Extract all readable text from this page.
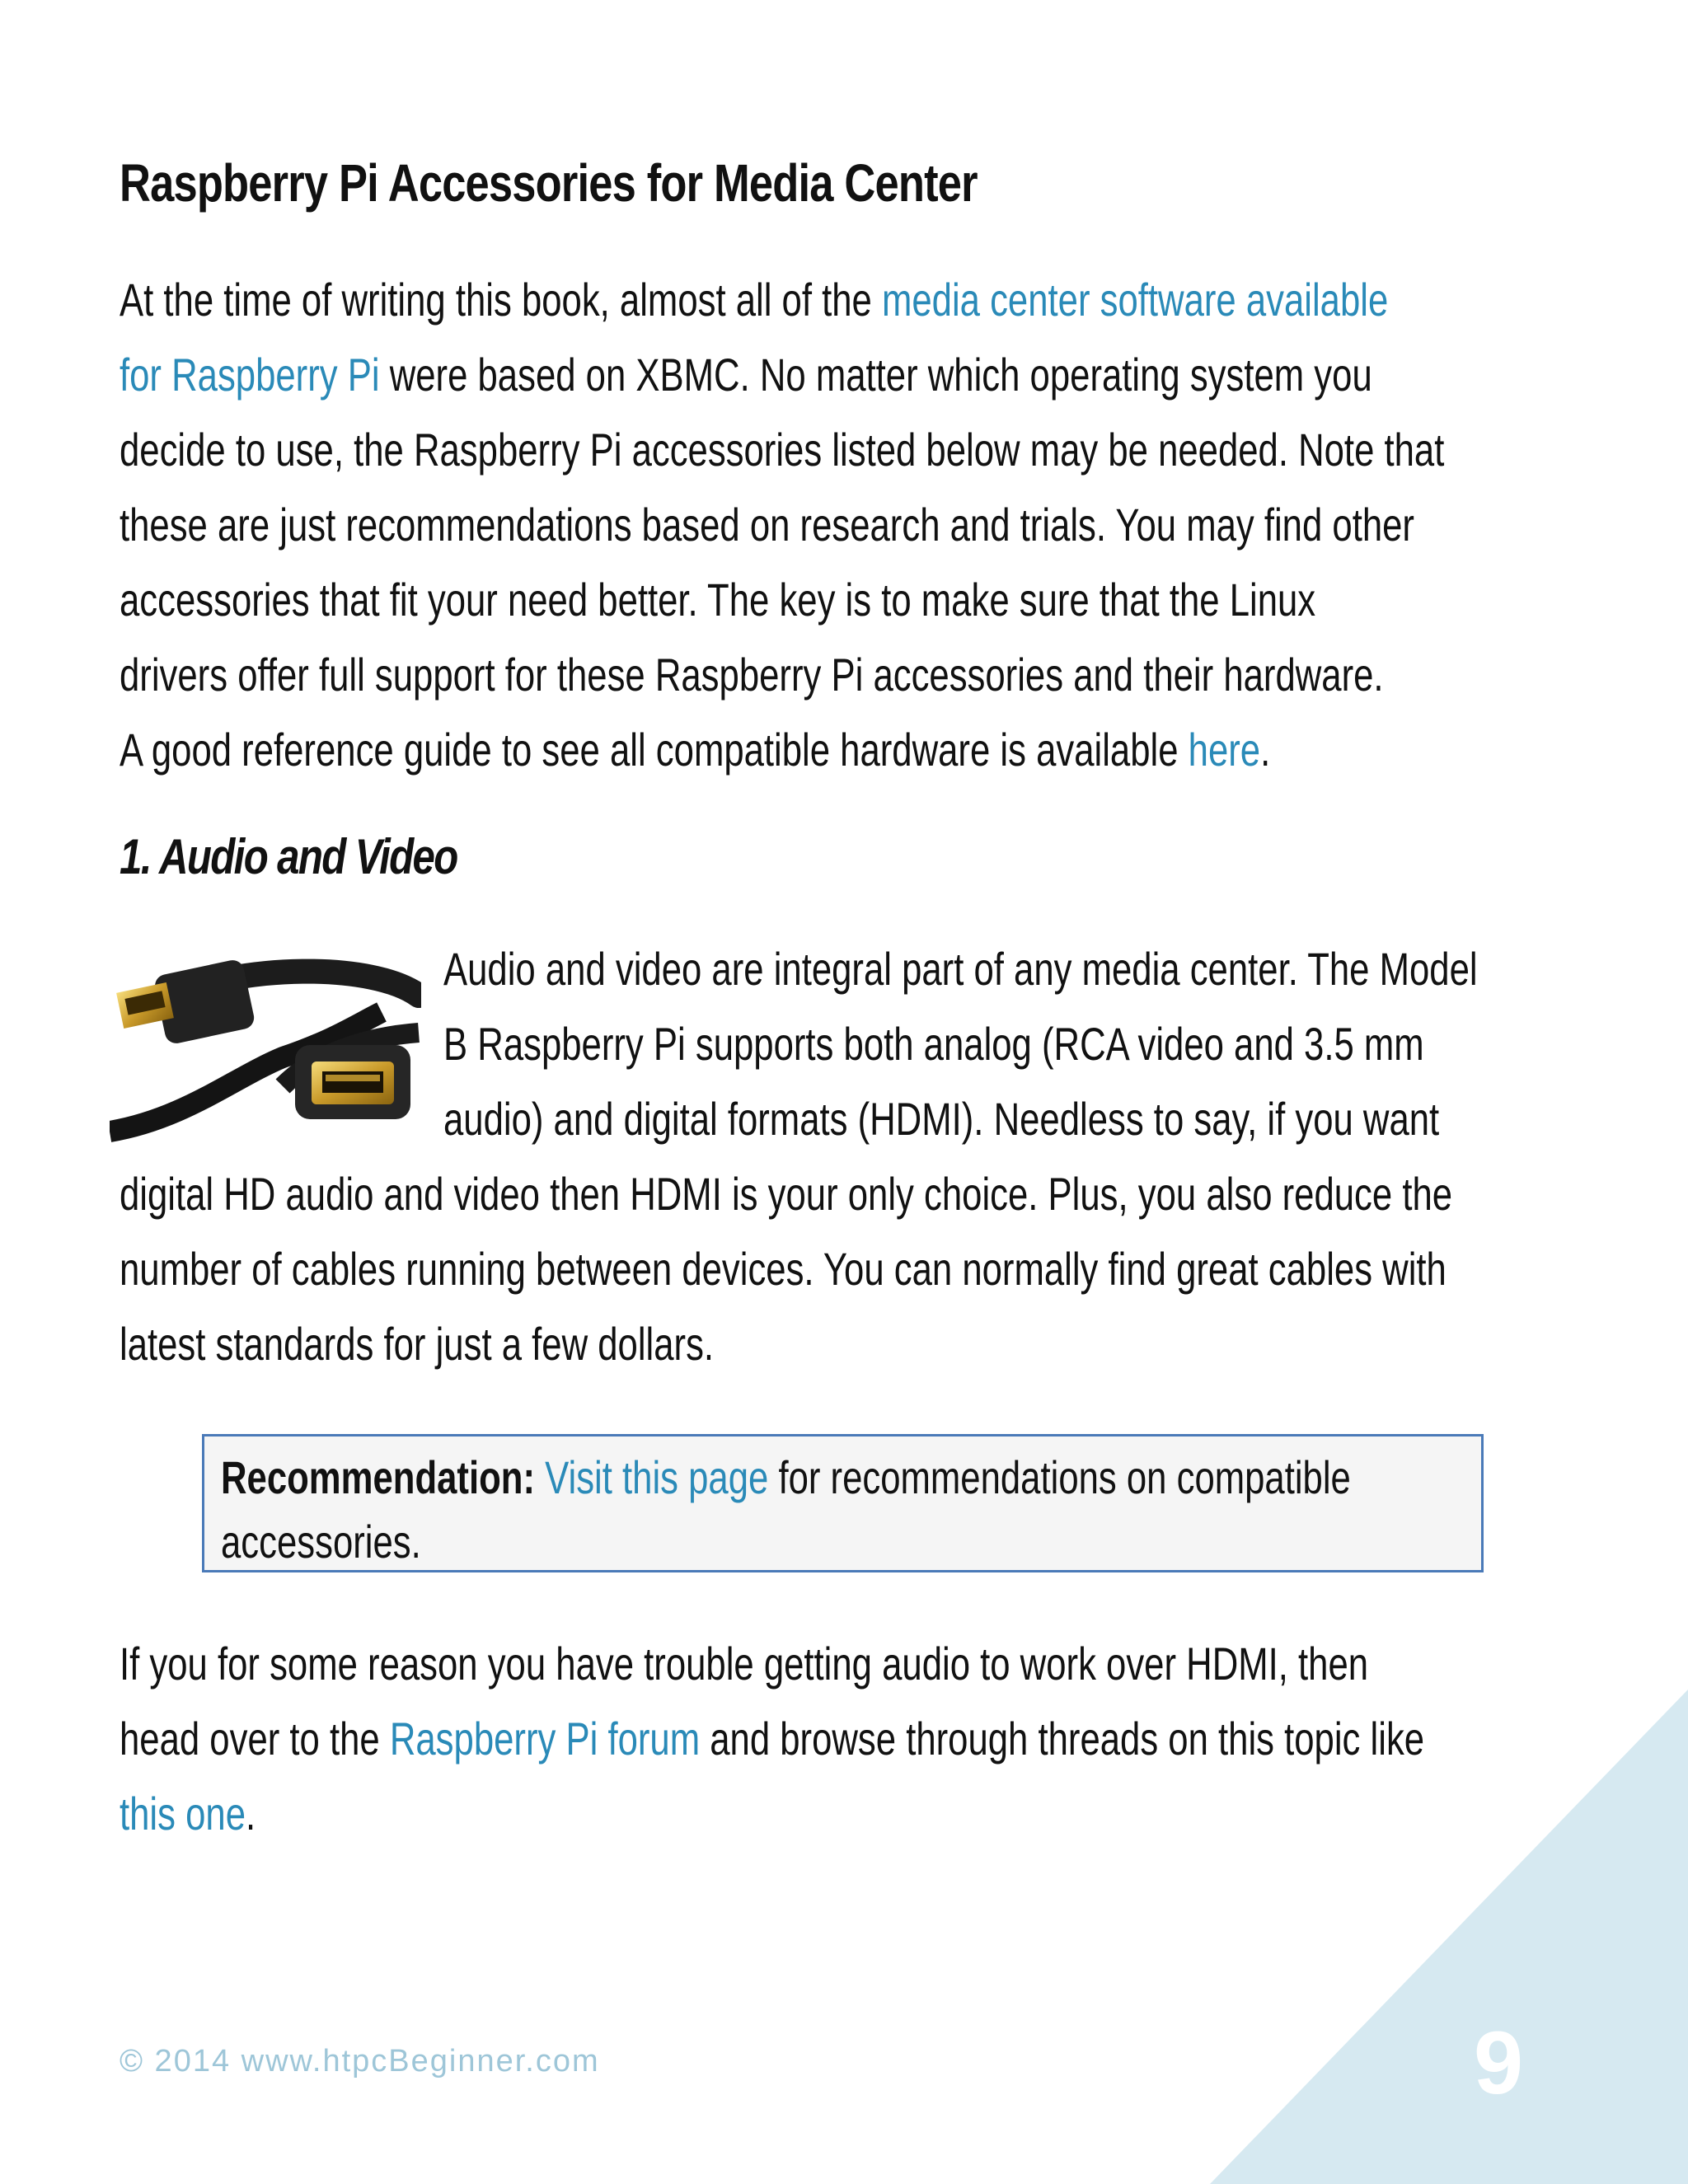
Raspberry Pi Accessories for Media Center
At the time of writing this book, almost all of the media center software available
for Raspberry Pi were based on XBMC. No matter which operating system you
decide to use, the Raspberry Pi accessories listed below may be needed. Note that
these are just recommendations based on research and trials. You may find other
accessories that fit your need better. The key is to make sure that the Linux
drivers offer full support for these Raspberry Pi accessories and their hardware.
A good reference guide to see all compatible hardware is available here.
1. Audio and Video
Audio and video are integral part of any media center. The Model
B Raspberry Pi supports both analog (RCA video and 3.5 mm
audio) and digital formats (HDMI). Needless to say, if you want
digital HD audio and video then HDMI is your only choice. Plus, you also reduce the
number of cables running between devices. You can normally find great cables with
latest standards for just a few dollars.
Recommendation: Visit this page for recommendations on compatible
accessories.
If you for some reason you have trouble getting audio to work over HDMI, then
head over to the Raspberry Pi forum and browse through threads on this topic like
this one.
© 2014 www.htpcBeginner.com	9
